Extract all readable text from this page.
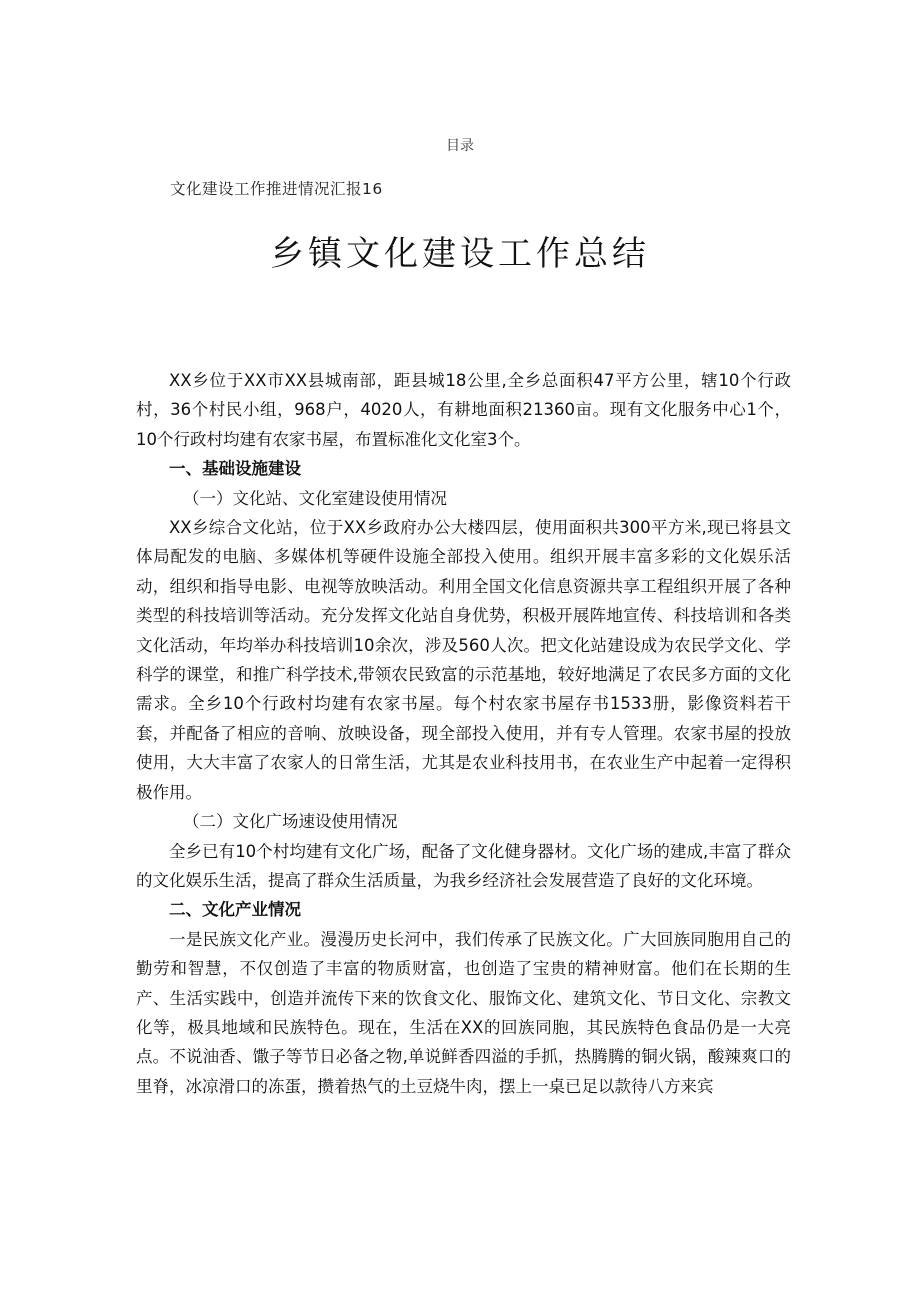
目录
文化建设工作推进情况汇报16
乡镇文化建设工作总结

XX乡位于XX市XX县城南部，距县城18公里,全乡总面积47平方公里，辖10个行政村，36个村民小组，968户，4020人，有耕地面积21360亩。现有文化服务中心1个，10个行政村均建有农家书屋，布置标准化文化室3个。

一、基础设施建设

（一）文化站、文化室建设使用情况

XX乡综合文化站，位于XX乡政府办公大楼四层，使用面积共300平方米,现已将县文体局配发的电脑、多媒体机等硬件设施全部投入使用。组织开展丰富多彩的文化娱乐活动，组织和指导电影、电视等放映活动。利用全国文化信息资源共享工程组织开展了各种类型的科技培训等活动。充分发挥文化站自身优势，积极开展阵地宣传、科技培训和各类文化活动，年均举办科技培训10余次，涉及560人次。把文化站建设成为农民学文化、学科学的课堂，和推广科学技术,带领农民致富的示范基地，较好地满足了农民多方面的文化需求。全乡10个行政村均建有农家书屋。每个村农家书屋存书1533册，影像资料若干套，并配备了相应的音响、放映设备，现全部投入使用，并有专人管理。农家书屋的投放使用，大大丰富了农家人的日常生活，尤其是农业科技用书，在农业生产中起着一定得积极作用。

（二）文化广场速设使用情况

全乡已有10个村均建有文化广场，配备了文化健身器材。文化广场的建成,丰富了群众的文化娱乐生活，提高了群众生活质量，为我乡经济社会发展营造了良好的文化环境。

二、文化产业情况

一是民族文化产业。漫漫历史长河中，我们传承了民族文化。广大回族同胞用自己的勤劳和智慧，不仅创造了丰富的物质财富，也创造了宝贵的精神财富。他们在长期的生产、生活实践中，创造并流传下来的饮食文化、服饰文化、建筑文化、节日文化、宗教文化等，极具地域和民族特色。现在，生活在XX的回族同胞，其民族特色食品仍是一大亮点。不说油香、馓子等节日必备之物,单说鲜香四溢的手抓，热腾腾的铜火锅，酸辣爽口的里脊，冰凉滑口的冻蛋，攒着热气的土豆烧牛肉，摆上一桌已足以款待八方来宾
